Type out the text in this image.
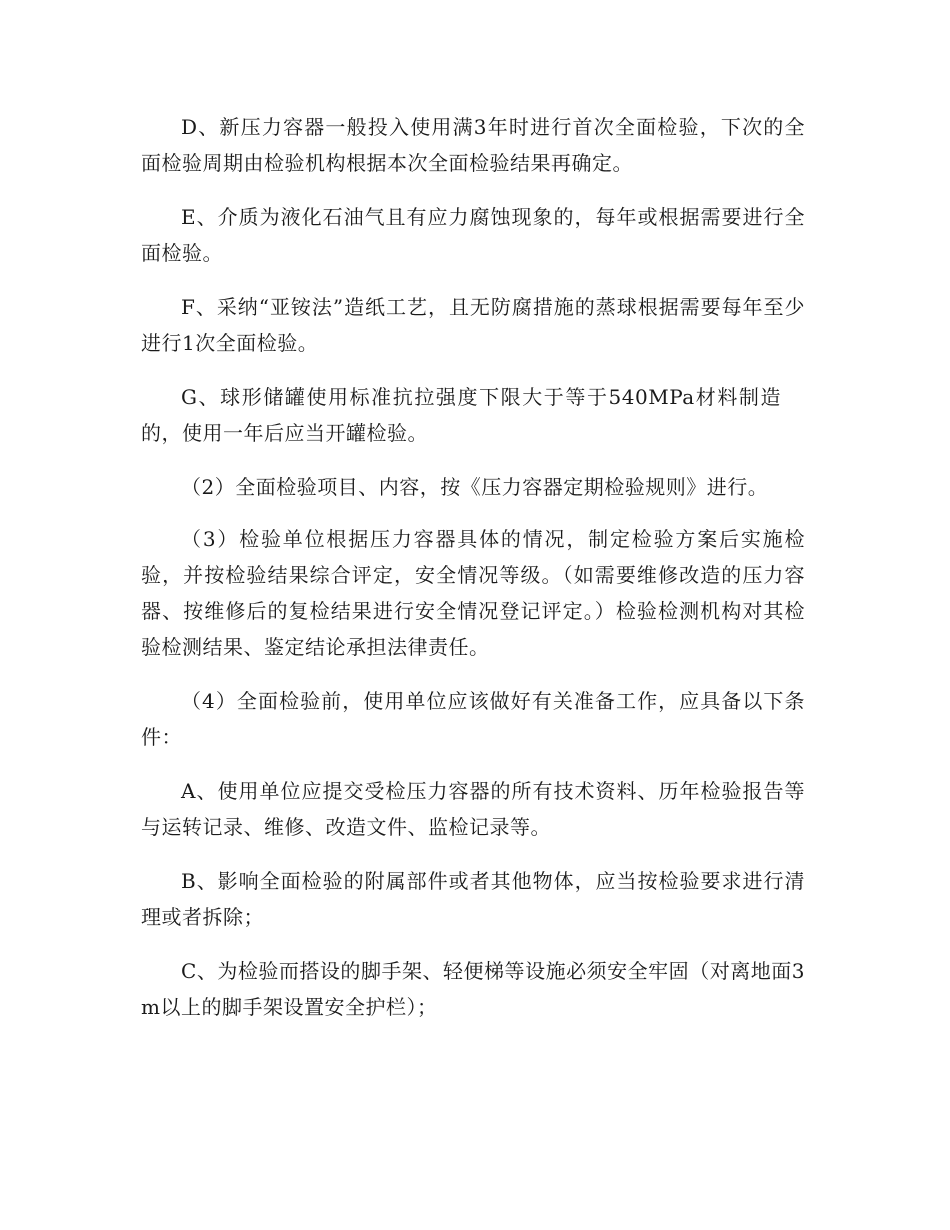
D、新压力容器一般投入使用满3年时进行首次全面检验，下次的全面检验周期由检验机构根据本次全面检验结果再确定。

E、介质为液化石油气且有应力腐蚀现象的，每年或根据需要进行全面检验。

F、采纳“亚铵法”造纸工艺，且无防腐措施的蒸球根据需要每年至少进行1次全面检验。

G、球形储罐使用标准抗拉强度下限大于等于540MPa材料制造的，使用一年后应当开罐检验。

（2）全面检验项目、内容，按《压力容器定期检验规则》进行。

（3）检验单位根据压力容器具体的情况，制定检验方案后实施检验，并按检验结果综合评定，安全情况等级。（如需要维修改造的压力容器、按维修后的复检结果进行安全情况登记评定。）检验检测机构对其检验检测结果、鉴定结论承担法律责任。

（4）全面检验前，使用单位应该做好有关准备工作，应具备以下条件：

A、使用单位应提交受检压力容器的所有技术资料、历年检验报告等与运转记录、维修、改造文件、监检记录等。

B、影响全面检验的附属部件或者其他物体，应当按检验要求进行清理或者拆除；

C、为检验而搭设的脚手架、轻便梯等设施必须安全牢固（对离地面3m以上的脚手架设置安全护栏）；
